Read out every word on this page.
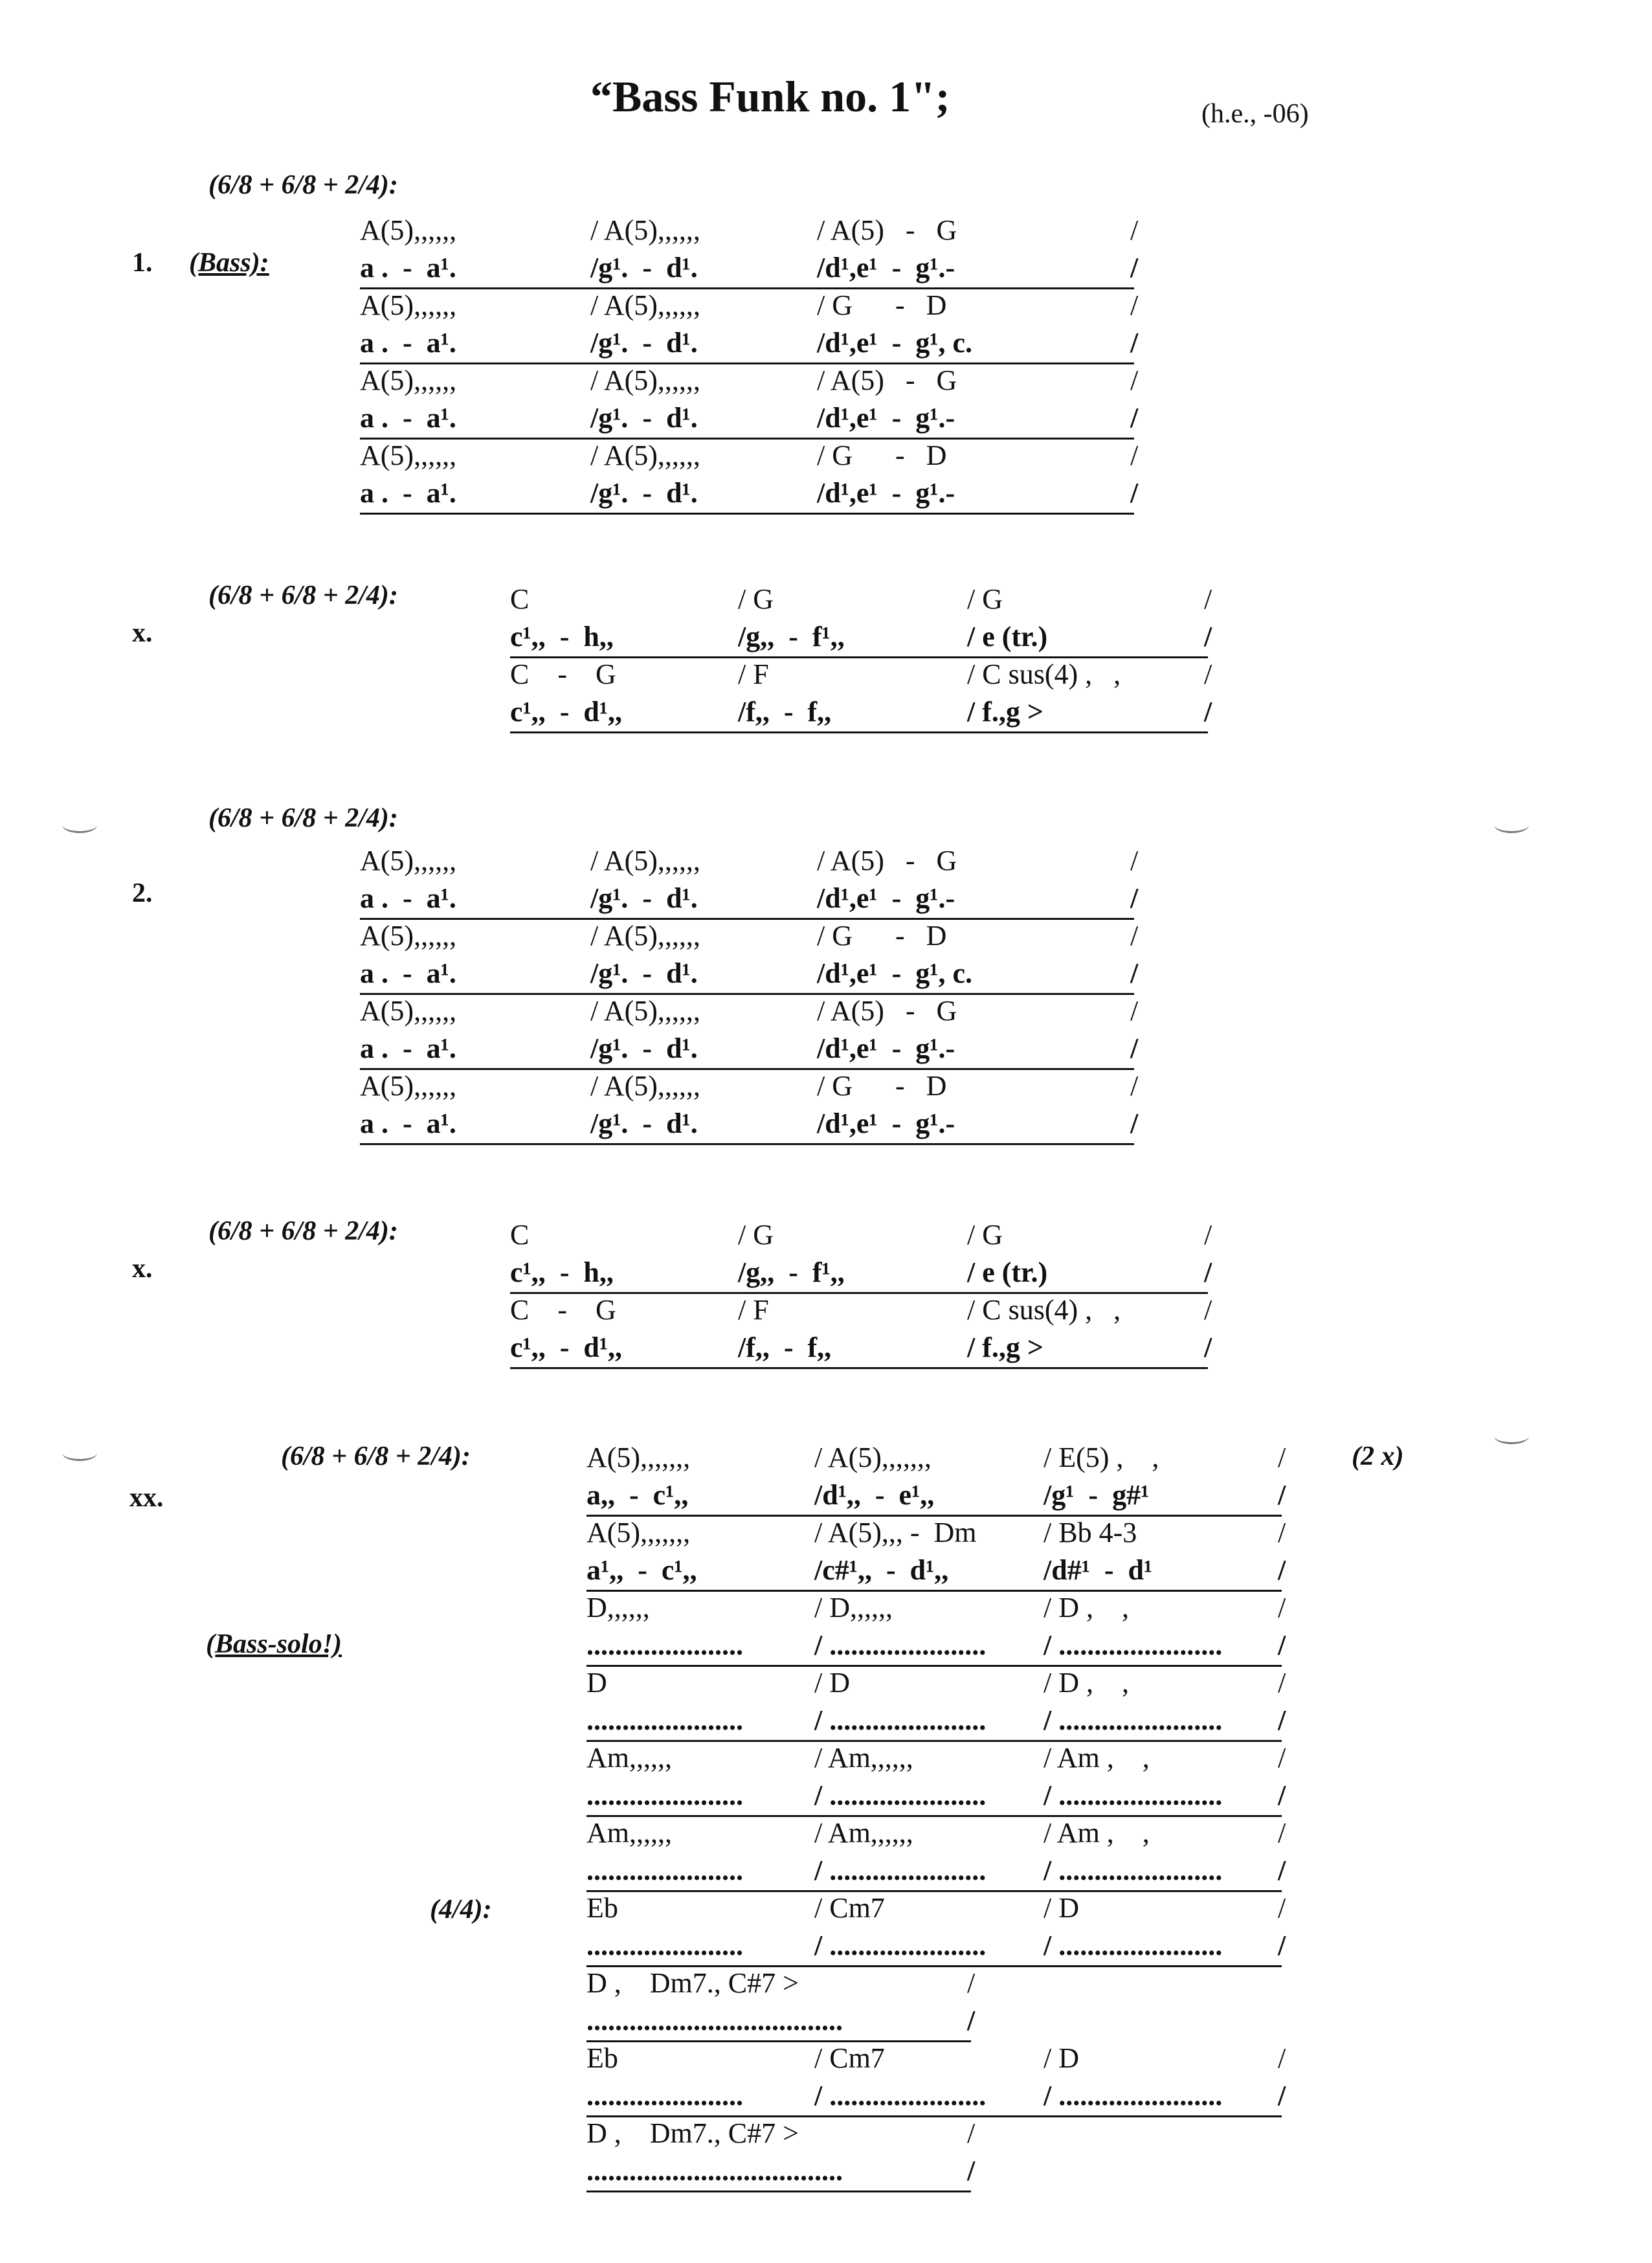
“Bass Funk no. 1";	(h.e., -06)
(6/8 + 6/8 + 2/4):
1. (Bass):
A(5),,,,,,	/ A(5),,,,,,	/ A(5)   -   G	/
a .  -  a¹.	/g¹.  -  d¹.	/d¹,e¹  -  g¹.-	/
A(5),,,,,,	/ A(5),,,,,,	/ G      -   D	/
a .  -  a¹.	/g¹.  -  d¹.	/d¹,e¹  -  g¹, c.	/
A(5),,,,,,	/ A(5),,,,,,	/ A(5)   -   G	/
a .  -  a¹.	/g¹.  -  d¹.	/d¹,e¹  -  g¹.-	/
A(5),,,,,,	/ A(5),,,,,,	/ G      -   D	/
a .  -  a¹.	/g¹.  -  d¹.	/d¹,e¹  -  g¹.-	/
(6/8 + 6/8 + 2/4):
x.
C	/ G	/ G	/
c¹,,  -  h,,	/g,,  -  f¹,,	/ e (tr.)	/
C    -    G	/ F	/ C sus(4) ,   ,	/
c¹,,  -  d¹,,	/f,,  -  f,,	/ f.,g >	/
(6/8 + 6/8 + 2/4):
2.
A(5),,,,,,	/ A(5),,,,,,	/ A(5)   -   G	/
a .  -  a¹.	/g¹.  -  d¹.	/d¹,e¹  -  g¹.-	/
A(5),,,,,,	/ A(5),,,,,,	/ G      -   D	/
a .  -  a¹.	/g¹.  -  d¹.	/d¹,e¹  -  g¹, c.	/
A(5),,,,,,	/ A(5),,,,,,	/ A(5)   -   G	/
a .  -  a¹.	/g¹.  -  d¹.	/d¹,e¹  -  g¹.-	/
A(5),,,,,,	/ A(5),,,,,,	/ G      -   D	/
a .  -  a¹.	/g¹.  -  d¹.	/d¹,e¹  -  g¹.-	/
(6/8 + 6/8 + 2/4):
x.
C	/ G	/ G	/
c¹,,  -  h,,	/g,,  -  f¹,,	/ e (tr.)	/
C    -    G	/ F	/ C sus(4) ,   ,	/
c¹,,  -  d¹,,	/f,,  -  f,,	/ f.,g >	/
(6/8 + 6/8 + 2/4):
xx.
(Bass-solo!)
(4/4):
(2 x)
A(5),,,,,,,	/ A(5),,,,,,,	/ E(5) ,    ,	/
a,,  -  c¹,,	/d¹,,  -  e¹,,	/g¹  -  g#¹	/
A(5),,,,,,,	/ A(5),,, -  Dm / Bb 4-3	/
a¹,,  -  c¹,,	/c#¹,,  -  d¹,,	/d#¹  -  d¹	/
D,,,,,,	/ D,,,,,,	/ D ,    ,	/
......................	/ ...................... / ....................... /
D	/ D	/ D ,    ,	/
......................	/ ...................... / ....................... /
Am,,,,,,	/ Am,,,,,,	/ Am ,    ,	/
......................	/ ...................... / ....................... /
Am,,,,,,	/ Am,,,,,,	/ Am ,    ,	/
......................	/ ...................... / ....................... /
Eb	/ Cm7	/ D	/
......................	/ ...................... / ....................... /
D ,    Dm7., C#7 >	/
....................................	/
Eb	/ Cm7	/ D	/
......................	/ ...................... / ....................... /
D ,    Dm7., C#7 >	/
....................................	/
